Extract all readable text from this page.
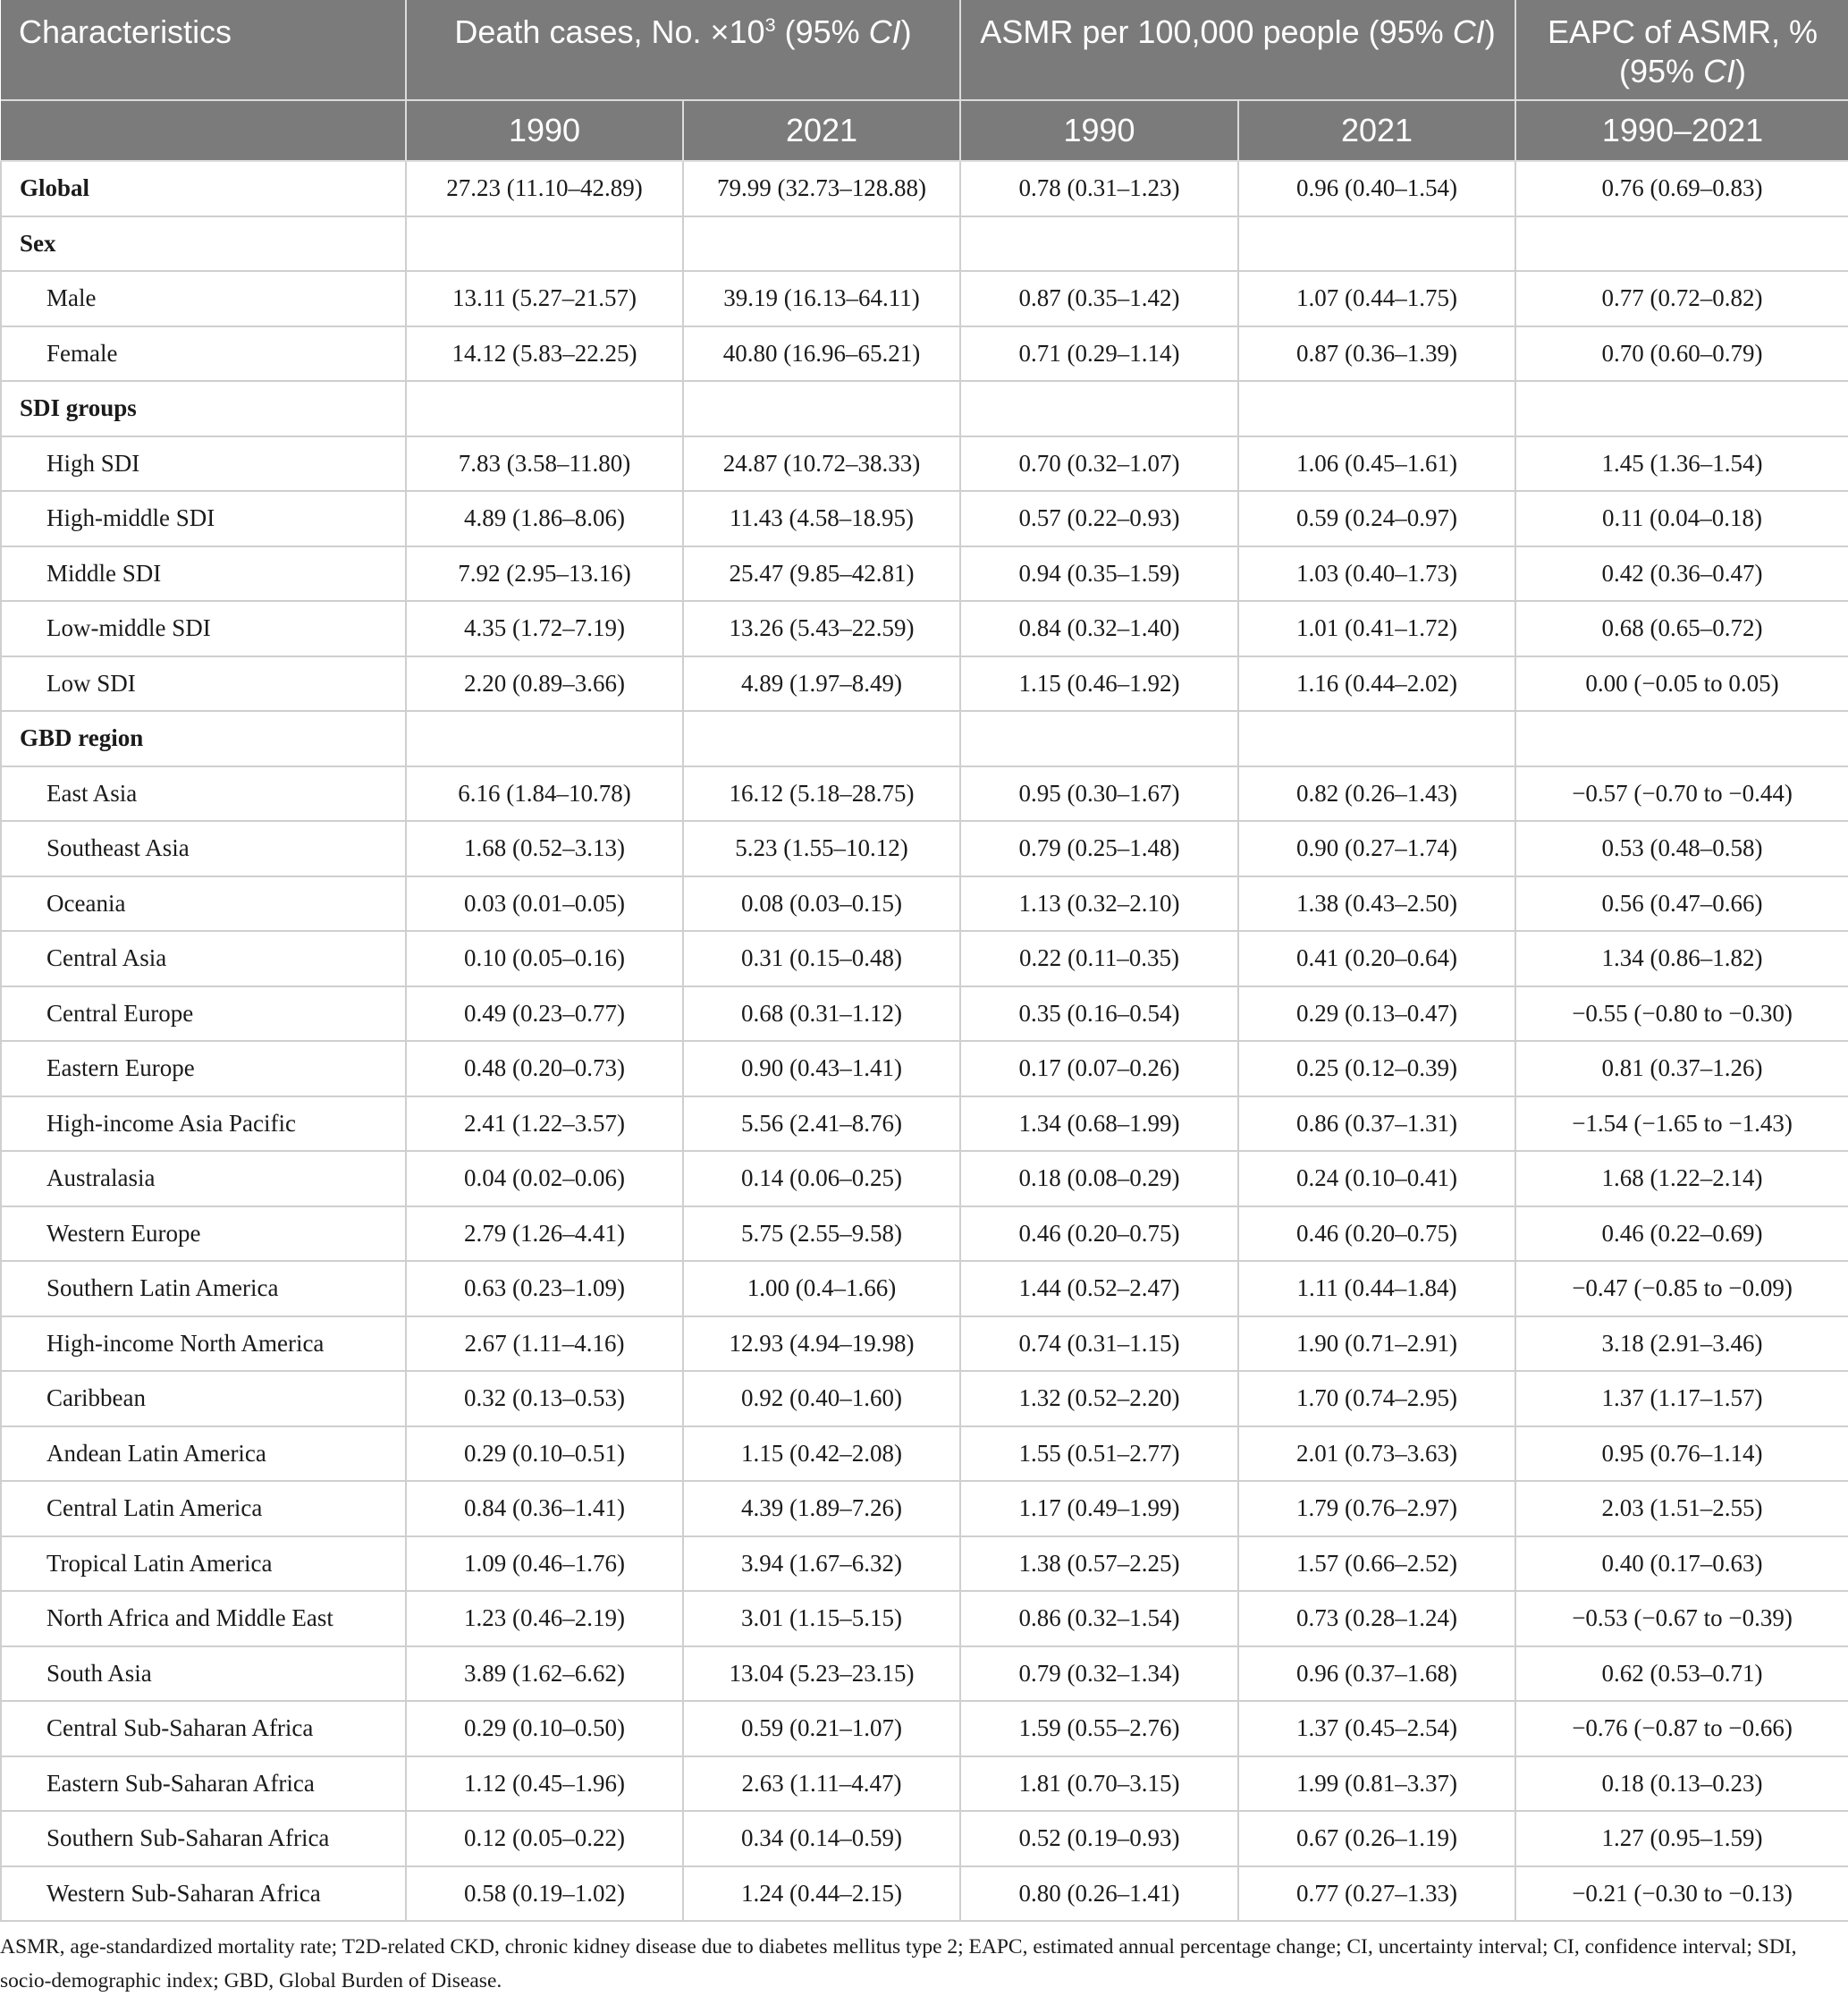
Characteristics	Death cases, No. $\times 10^3$ (95% CI)		ASMR per 100,000 people (95% CI)		EAPC of ASMR, % (95% CI)
	1990	2021	1990	2021	1990–2021
Global	27.23 (11.10–42.89)	79.99 (32.73–128.88)	0.78 (0.31–1.23)	0.96 (0.40–1.54)	0.76 (0.69–0.83)
Sex					
Male	13.11 (5.27–21.57)	39.19 (16.13–64.11)	0.87 (0.35–1.42)	1.07 (0.44–1.75)	0.77 (0.72–0.82)
Female	14.12 (5.83–22.25)	40.80 (16.96–65.21)	0.71 (0.29–1.14)	0.87 (0.36–1.39)	0.70 (0.60–0.79)
SDI groups					
High SDI	7.83 (3.58–11.80)	24.87 (10.72–38.33)	0.70 (0.32–1.07)	1.06 (0.45–1.61)	1.45 (1.36–1.54)
High-middle SDI	4.89 (1.86–8.06)	11.43 (4.58–18.95)	0.57 (0.22–0.93)	0.59 (0.24–0.97)	0.11 (0.04–0.18)
Middle SDI	7.92 (2.95–13.16)	25.47 (9.85–42.81)	0.94 (0.35–1.59)	1.03 (0.40–1.73)	0.42 (0.36–0.47)
Low-middle SDI	4.35 (1.72–7.19)	13.26 (5.43–22.59)	0.84 (0.32–1.40)	1.01 (0.41–1.72)	0.68 (0.65–0.72)
Low SDI	2.20 (0.89–3.66)	4.89 (1.97–8.49)	1.15 (0.46–1.92)	1.16 (0.44–2.02)	0.00 (−0.05 to 0.05)
GBD region					
East Asia	6.16 (1.84–10.78)	16.12 (5.18–28.75)	0.95 (0.30–1.67)	0.82 (0.26–1.43)	−0.57 (−0.70 to −0.44)
Southeast Asia	1.68 (0.52–3.13)	5.23 (1.55–10.12)	0.79 (0.25–1.48)	0.90 (0.27–1.74)	0.53 (0.48–0.58)
Oceania	0.03 (0.01–0.05)	0.08 (0.03–0.15)	1.13 (0.32–2.10)	1.38 (0.43–2.50)	0.56 (0.47–0.66)
Central Asia	0.10 (0.05–0.16)	0.31 (0.15–0.48)	0.22 (0.11–0.35)	0.41 (0.20–0.64)	1.34 (0.86–1.82)
Central Europe	0.49 (0.23–0.77)	0.68 (0.31–1.12)	0.35 (0.16–0.54)	0.29 (0.13–0.47)	−0.55 (−0.80 to −0.30)
Eastern Europe	0.48 (0.20–0.73)	0.90 (0.43–1.41)	0.17 (0.07–0.26)	0.25 (0.12–0.39)	0.81 (0.37–1.26)
High-income Asia Pacific	2.41 (1.22–3.57)	5.56 (2.41–8.76)	1.34 (0.68–1.99)	0.86 (0.37–1.31)	−1.54 (−1.65 to −1.43)
Australasia	0.04 (0.02–0.06)	0.14 (0.06–0.25)	0.18 (0.08–0.29)	0.24 (0.10–0.41)	1.68 (1.22–2.14)
Western Europe	2.79 (1.26–4.41)	5.75 (2.55–9.58)	0.46 (0.20–0.75)	0.46 (0.20–0.75)	0.46 (0.22–0.69)
Southern Latin America	0.63 (0.23–1.09)	1.00 (0.4–1.66)	1.44 (0.52–2.47)	1.11 (0.44–1.84)	−0.47 (−0.85 to −0.09)
High-income North America	2.67 (1.11–4.16)	12.93 (4.94–19.98)	0.74 (0.31–1.15)	1.90 (0.71–2.91)	3.18 (2.91–3.46)
Caribbean	0.32 (0.13–0.53)	0.92 (0.40–1.60)	1.32 (0.52–2.20)	1.70 (0.74–2.95)	1.37 (1.17–1.57)
Andean Latin America	0.29 (0.10–0.51)	1.15 (0.42–2.08)	1.55 (0.51–2.77)	2.01 (0.73–3.63)	0.95 (0.76–1.14)
Central Latin America	0.84 (0.36–1.41)	4.39 (1.89–7.26)	1.17 (0.49–1.99)	1.79 (0.76–2.97)	2.03 (1.51–2.55)
Tropical Latin America	1.09 (0.46–1.76)	3.94 (1.67–6.32)	1.38 (0.57–2.25)	1.57 (0.66–2.52)	0.40 (0.17–0.63)
North Africa and Middle East	1.23 (0.46–2.19)	3.01 (1.15–5.15)	0.86 (0.32–1.54)	0.73 (0.28–1.24)	−0.53 (−0.67 to −0.39)
South Asia	3.89 (1.62–6.62)	13.04 (5.23–23.15)	0.79 (0.32–1.34)	0.96 (0.37–1.68)	0.62 (0.53–0.71)
Central Sub-Saharan Africa	0.29 (0.10–0.50)	0.59 (0.21–1.07)	1.59 (0.55–2.76)	1.37 (0.45–2.54)	−0.76 (−0.87 to −0.66)
Eastern Sub-Saharan Africa	1.12 (0.45–1.96)	2.63 (1.11–4.47)	1.81 (0.70–3.15)	1.99 (0.81–3.37)	0.18 (0.13–0.23)
Southern Sub-Saharan Africa	0.12 (0.05–0.22)	0.34 (0.14–0.59)	0.52 (0.19–0.93)	0.67 (0.26–1.19)	1.27 (0.95–1.59)
Western Sub-Saharan Africa	0.58 (0.19–1.02)	1.24 (0.44–2.15)	0.80 (0.26–1.41)	0.77 (0.27–1.33)	−0.21 (−0.30 to −0.13)
ASMR, age-standardized mortality rate; T2D-related CKD, chronic kidney disease due to diabetes mellitus type 2; EAPC, estimated annual percentage change; CI, uncertainty interval; CI, confidence interval; SDI, socio-demographic index; GBD, Global Burden of Disease.
